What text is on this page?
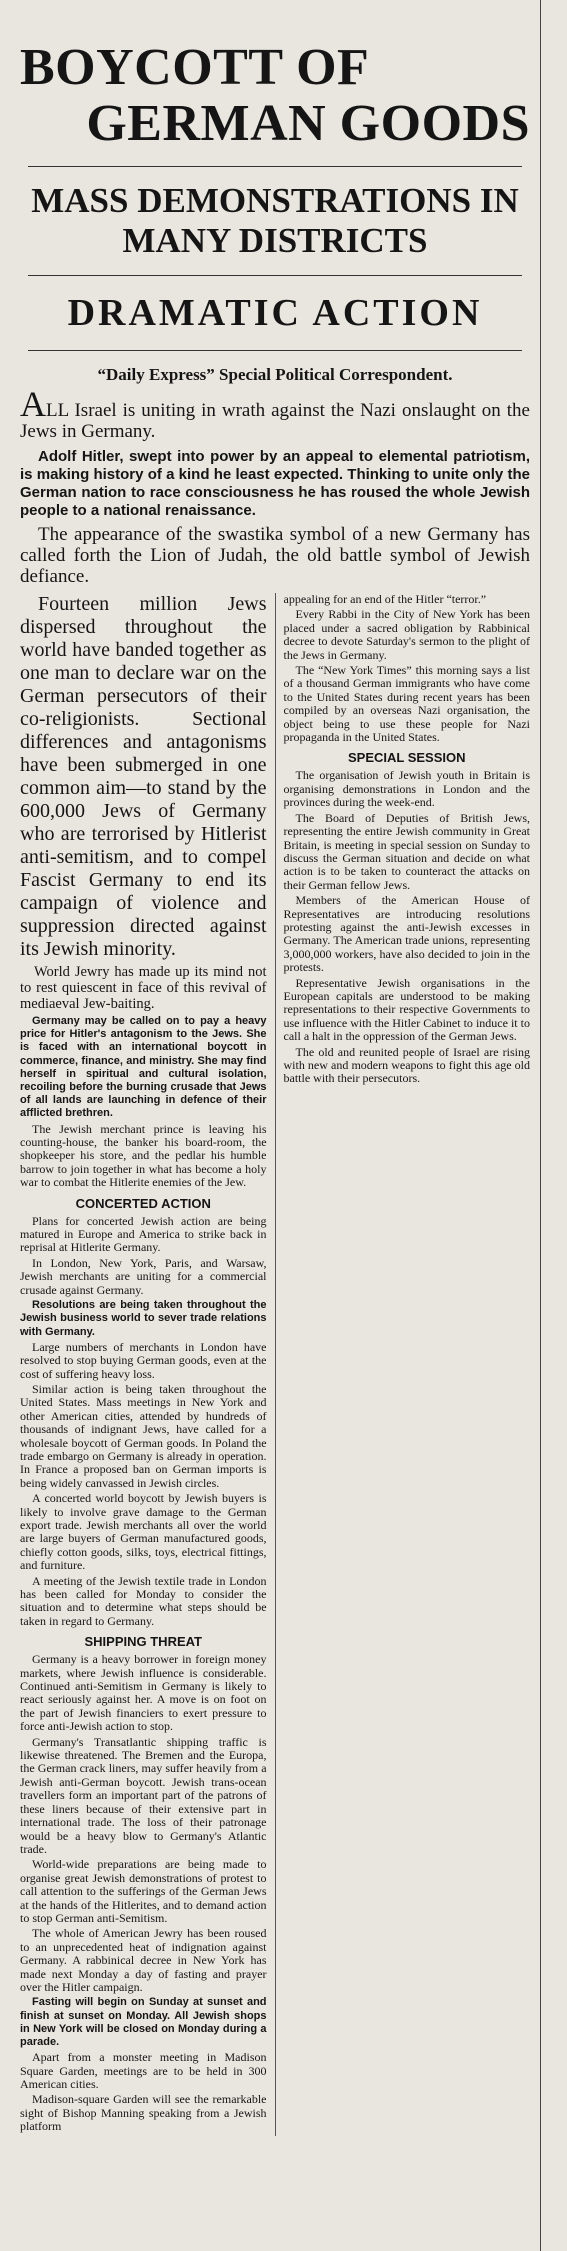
BOYCOTT OF
GERMAN GOODS
MASS DEMONSTRATIONS IN
MANY DISTRICTS
DRAMATIC ACTION
“Daily Express” Special Political Correspondent.

ALL Israel is uniting in wrath against the Nazi onslaught on the Jews in Germany.

Adolf Hitler, swept into power by an appeal to elemental patriotism, is making history of a kind he least expected. Thinking to unite only the German nation to race consciousness he has roused the whole Jewish people to a national renaissance.

The appearance of the swastika symbol of a new Germany has called forth the Lion of Judah, the old battle symbol of Jewish defiance.

Fourteen million Jews dispersed throughout the world have banded together as one man to declare war on the German persecutors of their co-religionists. Sectional differences and antagonisms have been submerged in one common aim—to stand by the 600,000 Jews of Germany who are terrorised by Hitlerist anti-semitism, and to compel Fascist Germany to end its campaign of violence and suppression directed against its Jewish minority.

World Jewry has made up its mind not to rest quiescent in face of this revival of mediaeval Jew-baiting.

Germany may be called on to pay a heavy price for Hitler's antagonism to the Jews. She is faced with an international boycott in commerce, finance, and ministry. She may find herself in spiritual and cultural isolation, recoiling before the burning crusade that Jews of all lands are launching in defence of their afflicted brethren.

The Jewish merchant prince is leaving his counting-house, the banker his board-room, the shopkeeper his store, and the pedlar his humble barrow to join together in what has become a holy war to combat the Hitlerite enemies of the Jew.

CONCERTED ACTION

Plans for concerted Jewish action are being matured in Europe and America to strike back in reprisal at Hitlerite Germany.

In London, New York, Paris, and Warsaw, Jewish merchants are uniting for a commercial crusade against Germany.

Resolutions are being taken throughout the Jewish business world to sever trade relations with Germany.

Large numbers of merchants in London have resolved to stop buying German goods, even at the cost of suffering heavy loss.

Similar action is being taken throughout the United States. Mass meetings in New York and other American cities, attended by hundreds of thousands of indignant Jews, have called for a wholesale boycott of German goods. In Poland the trade embargo on Germany is already in operation. In France a proposed ban on German imports is being widely canvassed in Jewish circles.

A concerted world boycott by Jewish buyers is likely to involve grave damage to the German export trade. Jewish merchants all over the world are large buyers of German manufactured goods, chiefly cotton goods, silks, toys, electrical fittings, and furniture.

A meeting of the Jewish textile trade in London has been called for Monday to consider the situation and to determine what steps should be taken in regard to Germany.

SHIPPING THREAT

Germany is a heavy borrower in foreign money markets, where Jewish influence is considerable. Continued anti-Semitism in Germany is likely to react seriously against her. A move is on foot on the part of Jewish financiers to exert pressure to force anti-Jewish action to stop.

Germany's Transatlantic shipping traffic is likewise threatened. The Bremen and the Europa, the German crack liners, may suffer heavily from a Jewish anti-German boycott. Jewish trans-ocean travellers form an important part of the patrons of these liners because of their extensive part in international trade. The loss of their patronage would be a heavy blow to Germany's Atlantic trade.

World-wide preparations are being made to organise great Jewish demonstrations of protest to call attention to the sufferings of the German Jews at the hands of the Hitlerites, and to demand action to stop German anti-Semitism.

The whole of American Jewry has been roused to an unprecedented heat of indignation against Germany. A rabbinical decree in New York has made next Monday a day of fasting and prayer over the Hitler campaign.

Fasting will begin on Sunday at sunset and finish at sunset on Monday. All Jewish shops in New York will be closed on Monday during a parade.

Apart from a monster meeting in Madison Square Garden, meetings are to be held in 300 American cities.

Madison-square Garden will see the remarkable sight of Bishop Manning speaking from a Jewish platform

appealing for an end of the Hitler “terror.”

Every Rabbi in the City of New York has been placed under a sacred obligation by Rabbinical decree to devote Saturday's sermon to the plight of the Jews in Germany.

The “New York Times” this morning says a list of a thousand German immigrants who have come to the United States during recent years has been compiled by an overseas Nazi organisation, the object being to use these people for Nazi propaganda in the United States.

SPECIAL SESSION

The organisation of Jewish youth in Britain is organising demonstrations in London and the provinces during the week-end.

The Board of Deputies of British Jews, representing the entire Jewish community in Great Britain, is meeting in special session on Sunday to discuss the German situation and decide on what action is to be taken to counteract the attacks on their German fellow Jews.

Members of the American House of Representatives are introducing resolutions protesting against the anti-Jewish excesses in Germany. The American trade unions, representing 3,000,000 workers, have also decided to join in the protests.

Representative Jewish organisations in the European capitals are understood to be making representations to their respective Governments to use influence with the Hitler Cabinet to induce it to call a halt in the oppression of the German Jews.

The old and reunited people of Israel are rising with new and modern weapons to fight this age old battle with their persecutors.
